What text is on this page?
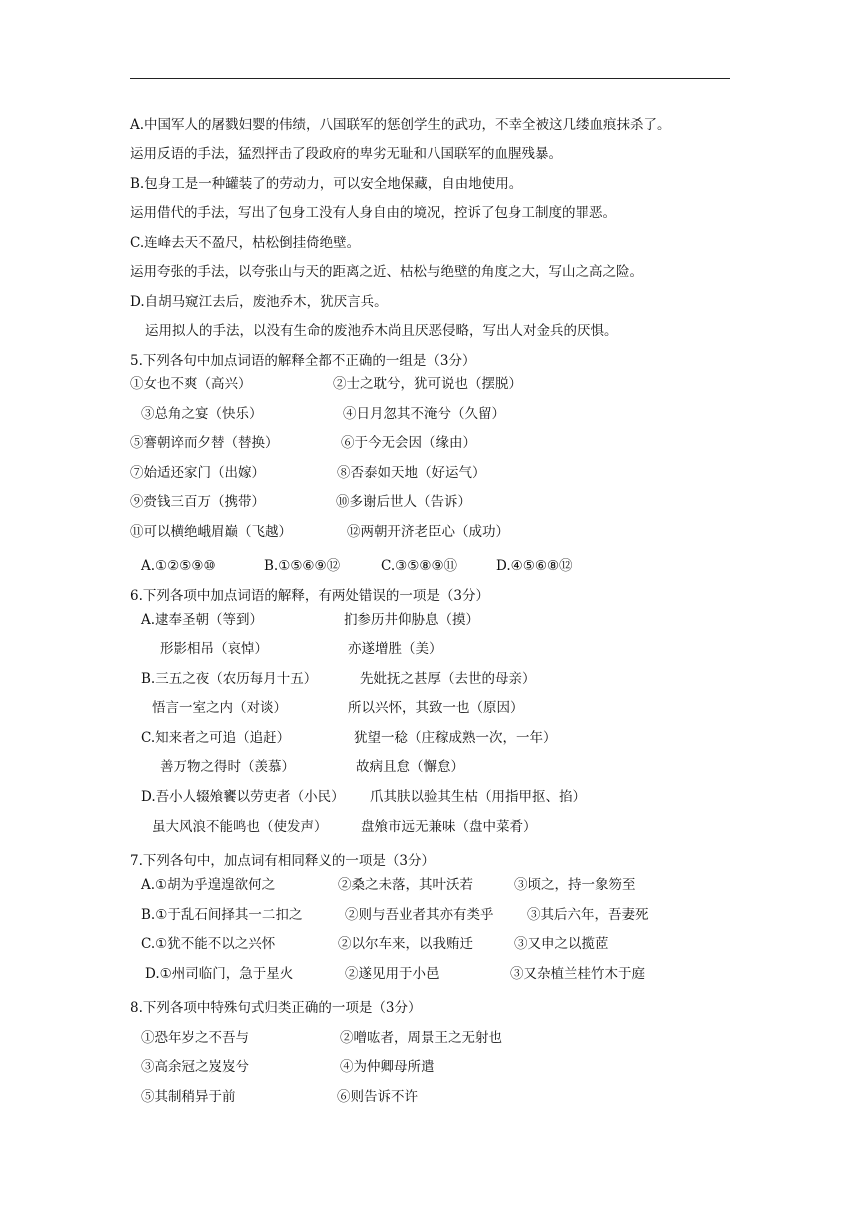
A.中国军人的屠戮妇婴的伟绩，八国联军的惩创学生的武功，不幸全被这几缕血痕抹杀了。
运用反语的手法，猛烈抨击了段政府的卑劣无耻和八国联军的血腥残暴。
B.包身工是一种罐装了的劳动力，可以安全地保藏，自由地使用。
运用借代的手法，写出了包身工没有人身自由的境况，控诉了包身工制度的罪恶。
C.连峰去天不盈尺，枯松倒挂倚绝壁。
运用夸张的手法，以夸张山与天的距离之近、枯松与绝壁的角度之大，写山之高之险。
D.自胡马窥江去后，废池乔木，犹厌言兵。
运用拟人的手法，以没有生命的废池乔木尚且厌恶侵略，写出人对金兵的厌惧。
5.下列各句中加点词语的解释全都不正确的一组是（3分）
①女也不爽（高兴）	②士之耽兮，犹可说也（摆脱）
③总角之宴（快乐）	④日月忽其不淹兮（久留）
⑤謇朝谇而夕替（替换）	⑥于今无会因（缘由）
⑦始适还家门（出嫁）	⑧否泰如天地（好运气）
⑨赍钱三百万（携带）	⑩多谢后世人（告诉）
⑪可以横绝峨眉巅（飞越）	⑫两朝开济老臣心（成功）
A.①②⑤⑨⑩	B.①⑤⑥⑨⑫	C.③⑤⑧⑨⑪	D.④⑤⑥⑧⑫
6.下列各项中加点词语的解释，有两处错误的一项是（3分）
A.逮奉圣朝（等到）	扪参历井仰胁息（摸）
形影相吊（哀悼）	亦遂增胜（美）
B.三五之夜（农历每月十五）	先妣抚之甚厚（去世的母亲）
悟言一室之内（对谈）	所以兴怀，其致一也（原因）
C.知来者之可追（追赶）	犹望一稔（庄稼成熟一次，一年）
善万物之得时（羡慕）	故病且怠（懈怠）
D.吾小人辍飧饔以劳吏者（小民） 爪其肤以验其生枯（用指甲抠、掐）
虽大风浪不能鸣也（使发声） 盘飧市远无兼味（盘中菜肴）
7.下列各句中，加点词有相同释义的一项是（3分）
A.①胡为乎遑遑欲何之	②桑之未落，其叶沃若	③顷之，持一象笏至
B.①于乱石间择其一二扣之	②则与吾业者其亦有类乎 ③其后六年，吾妻死
C.①犹不能不以之兴怀	②以尔车来，以我贿迁	③又申之以揽茝
D.①州司临门，急于星火	②遂见用于小邑	③又杂植兰桂竹木于庭
8.下列各项中特殊句式归类正确的一项是（3分）
①恐年岁之不吾与	②噌吰者，周景王之无射也
③高余冠之岌岌兮	④为仲卿母所遣
⑤其制稍异于前	⑥则告诉不许
